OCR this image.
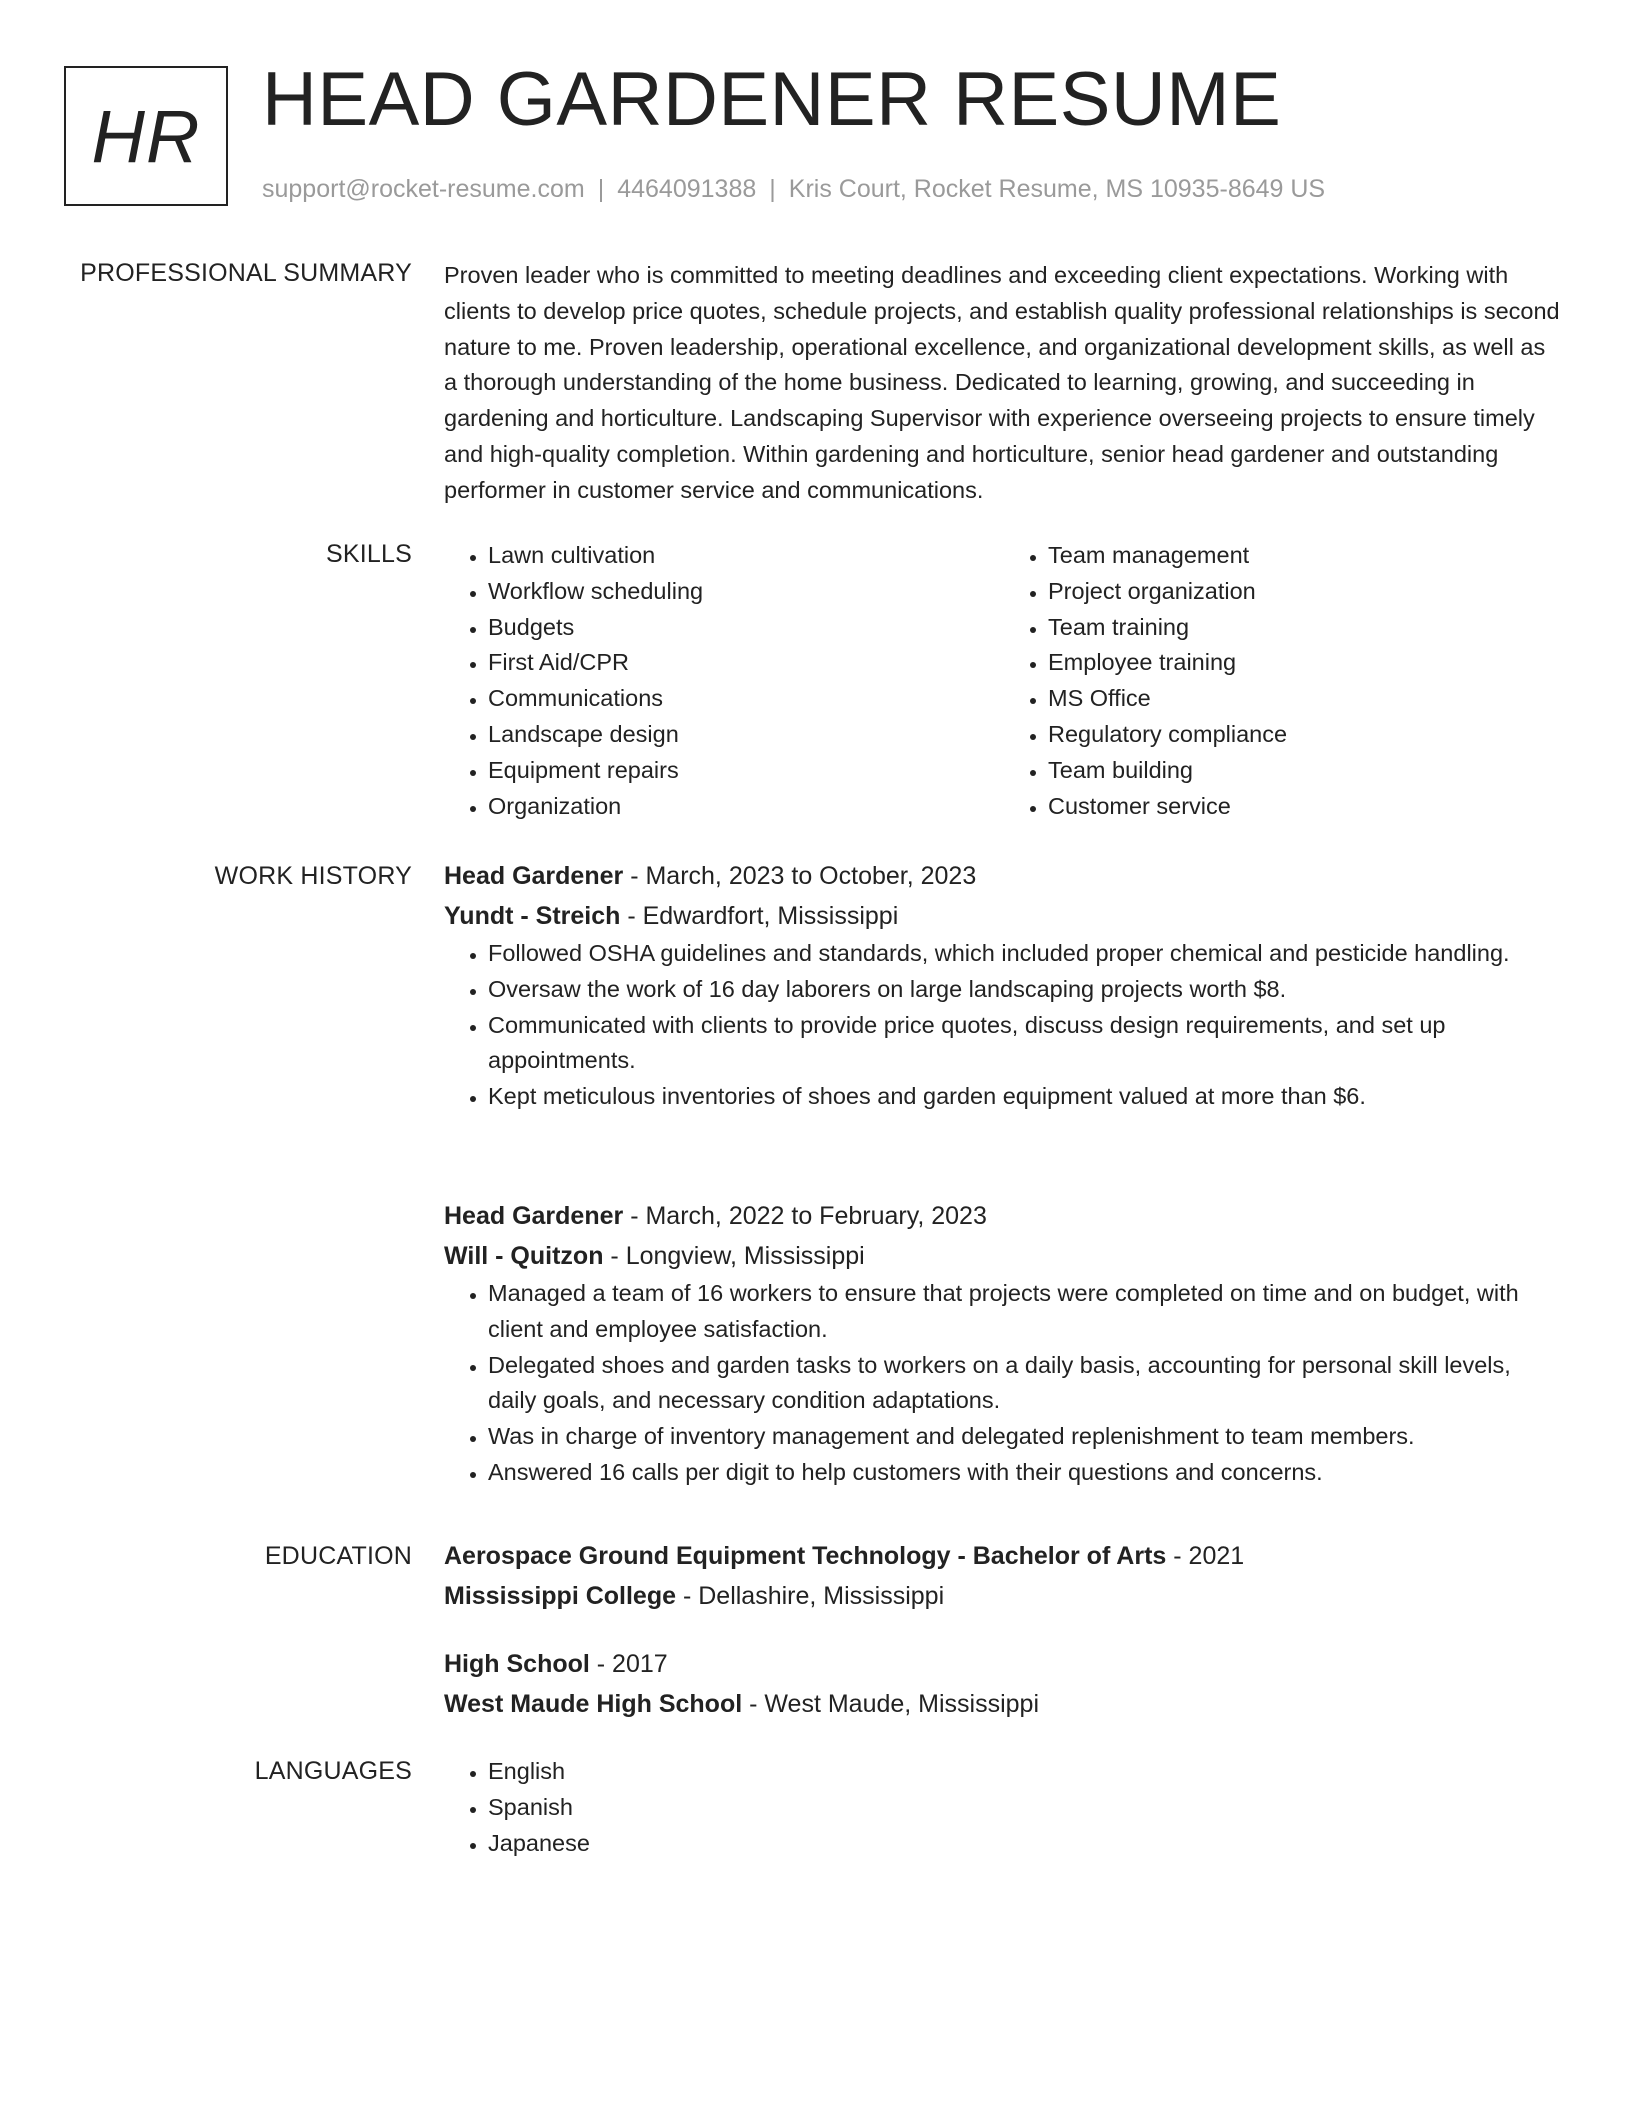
HR HEAD GARDENER RESUME
support@rocket-resume.com | 4464091388 | Kris Court, Rocket Resume, MS 10935-8649 US
PROFESSIONAL SUMMARY Proven leader who is committed to meeting deadlines and exceeding client expectations. Working with clients to develop price quotes, schedule projects, and establish quality professional relationships is second nature to me. Proven leadership, operational excellence, and organizational development skills, as well as a thorough understanding of the home business. Dedicated to learning, growing, and succeeding in gardening and horticulture. Landscaping Supervisor with experience overseeing projects to ensure timely and high-quality completion. Within gardening and horticulture, senior head gardener and outstanding performer in customer service and communications.

SKILLS	• Lawn cultivation
• Workflow scheduling
• Budgets
• First Aid/CPR
• Communications
• Landscape design
• Equipment repairs
• Organization
• Team management
• Project organization
• Team training
• Employee training
• MS Office
• Regulatory compliance
• Team building
• Customer service
WORK HISTORY Head Gardener - March, 2023 to October, 2023
Yundt - Streich - Edwardfort, Mississippi
• Followed OSHA guidelines and standards, which included proper chemical and pesticide handling.
• Oversaw the work of 16 day laborers on large landscaping projects worth $8.
• Communicated with clients to provide price quotes, discuss design requirements, and set up appointments.
• Kept meticulous inventories of shoes and garden equipment valued at more than $6.
Head Gardener - March, 2022 to February, 2023
Will - Quitzon - Longview, Mississippi
• Managed a team of 16 workers to ensure that projects were completed on time and on budget, with client and employee satisfaction.
• Delegated shoes and garden tasks to workers on a daily basis, accounting for personal skill levels, daily goals, and necessary condition adaptations.
• Was in charge of inventory management and delegated replenishment to team members.
• Answered 16 calls per digit to help customers with their questions and concerns.
EDUCATION Aerospace Ground Equipment Technology - Bachelor of Arts - 2021
Mississippi College - Dellashire, Mississippi
High School - 2017
West Maude High School - West Maude, Mississippi
LANGUAGES	• English
• Spanish
• Japanese
